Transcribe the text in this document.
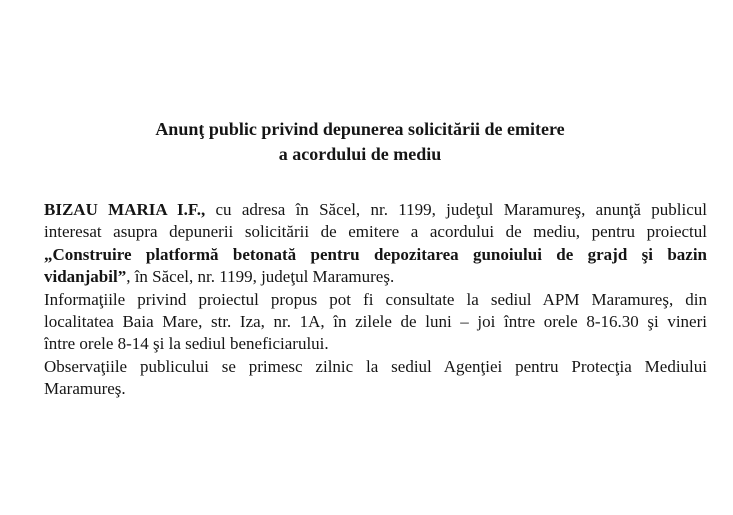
Anunţ public privind depunerea solicitării de emitere
a acordului de mediu
BIZAU MARIA I.F., cu adresa în Săcel, nr. 1199, judeţul Maramureş, anunţă publicul
interesat asupra depunerii solicitării de emitere a acordului de mediu, pentru proiectul
„Construire platformă betonată pentru depozitarea gunoiului de grajd şi bazin
vidanjabil”, în Săcel, nr. 1199, judeţul Maramureş.
Informaţiile privind proiectul propus pot fi consultate la sediul APM Maramureş, din
localitatea Baia Mare, str. Iza, nr. 1A, în zilele de luni – joi între orele 8-16.30 şi vineri
între orele 8-14 şi la sediul beneficiarului.
Observaţiile publicului se primesc zilnic la sediul Agenţiei pentru Protecţia Mediului
Maramureş.
